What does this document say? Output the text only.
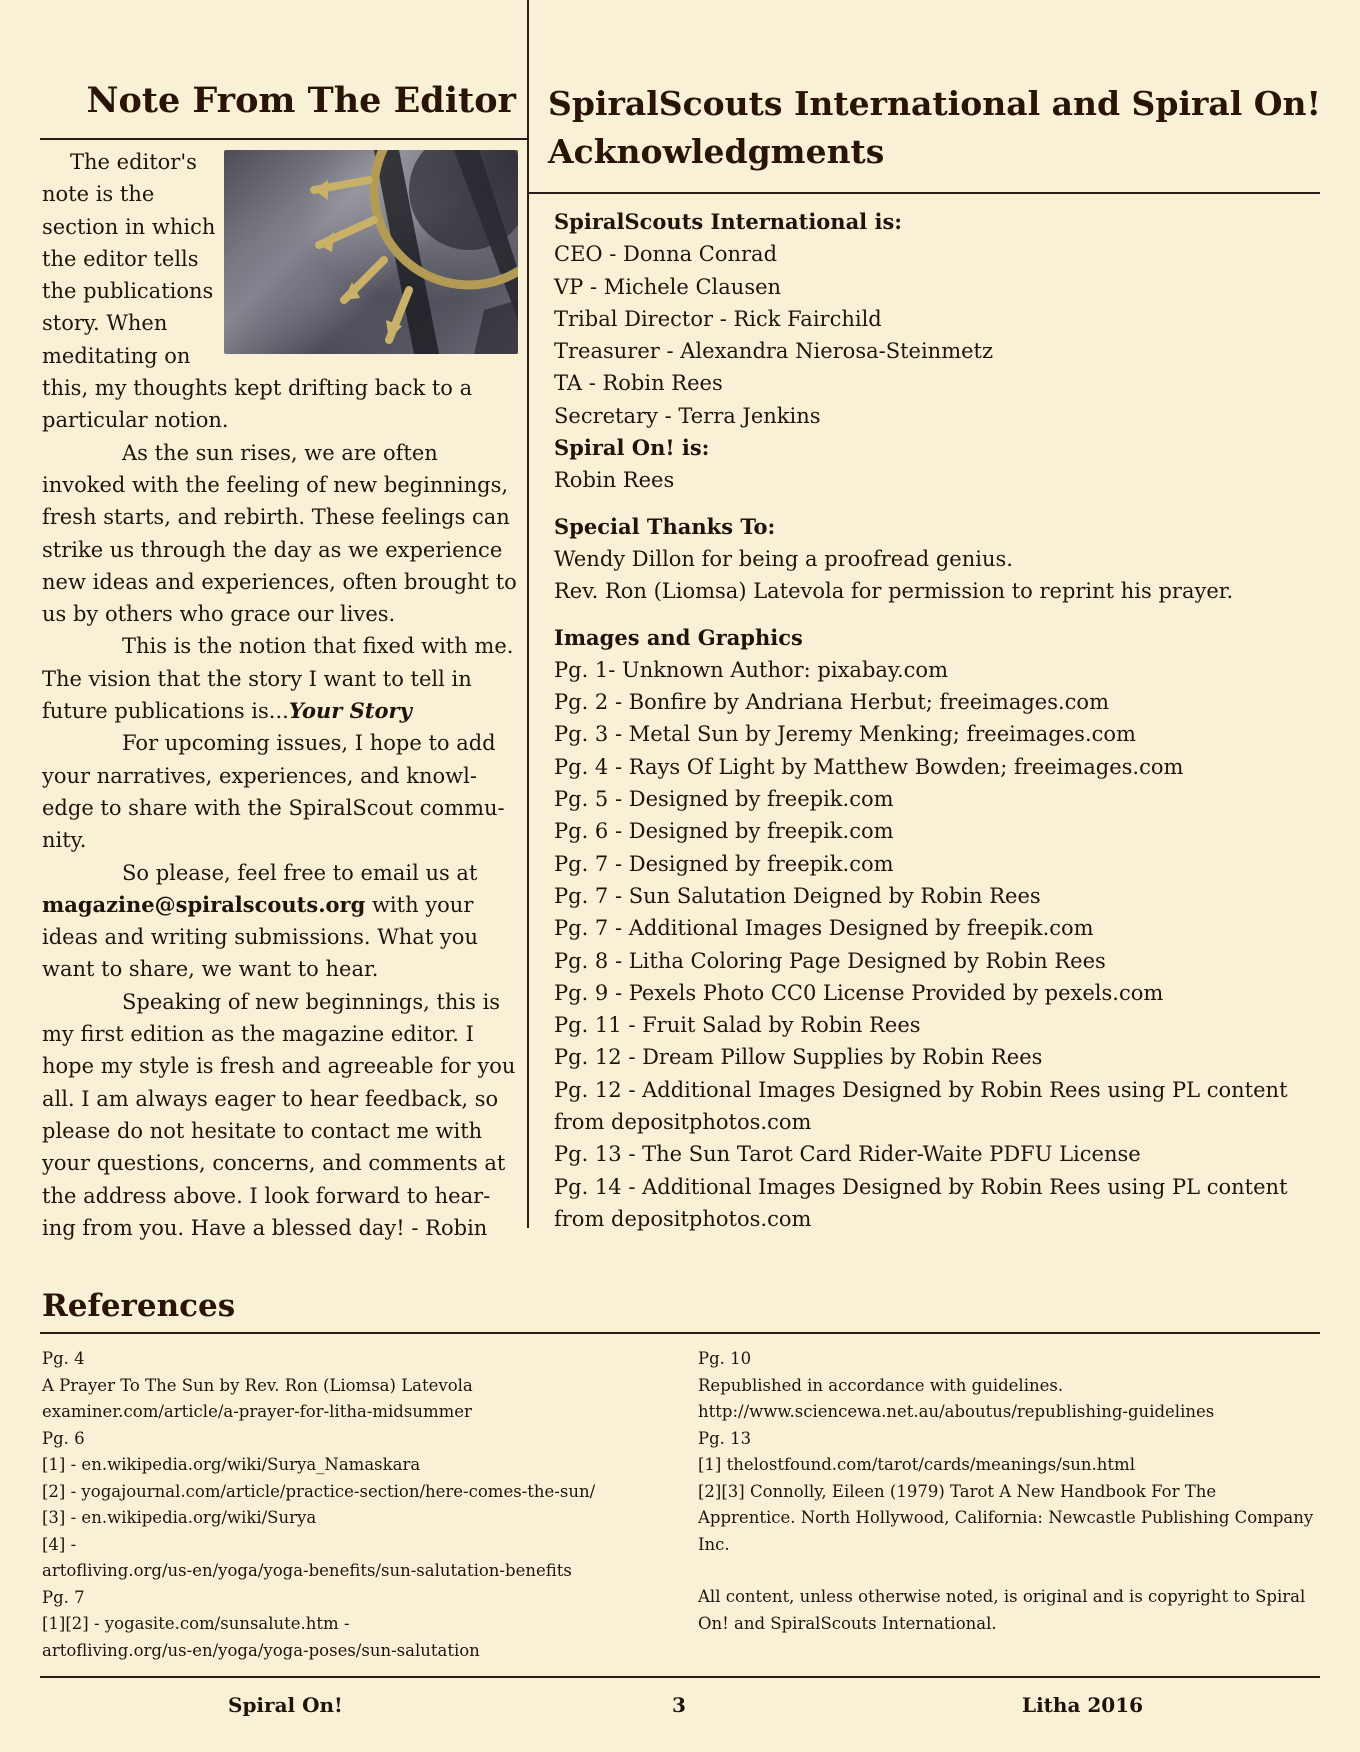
Note From The Editor

The editor's note is the section in which the editor tells the publications story. When meditating on this, my thoughts kept drifting back to a particular notion.

As the sun rises, we are often invoked with the feeling of new beginnings, fresh starts, and rebirth. These feelings can strike us through the day as we experience new ideas and experiences, often brought to us by others who grace our lives.

This is the notion that fixed with me. The vision that the story I want to tell in future publications is...Your Story

For upcoming issues, I hope to add your narratives, experiences, and knowl-edge to share with the SpiralScout commu-nity.

So please, feel free to email us at magazine@spiralscouts.org with your ideas and writing submissions. What you want to share, we want to hear.

Speaking of new beginnings, this is my first edition as the magazine editor. I hope my style is fresh and agreeable for you all. I am always eager to hear feedback, so please do not hesitate to contact me with your questions, concerns, and comments at the address above. I look forward to hear-ing from you. Have a blessed day! - Robin

SpiralScouts International and Spiral On!
Acknowledgments
SpiralScouts International is:
CEO - Donna Conrad
VP - Michele Clausen
Tribal Director - Rick Fairchild
Treasurer - Alexandra Nierosa-Steinmetz
TA - Robin Rees
Secretary - Terra Jenkins
Spiral On! is:
Robin Rees
Special Thanks To:
Wendy Dillon for being a proofread genius.
Rev. Ron (Liomsa) Latevola for permission to reprint his prayer.
Images and Graphics
Pg. 1- Unknown Author: pixabay.com
Pg. 2 - Bonfire by Andriana Herbut; freeimages.com
Pg. 3 - Metal Sun by Jeremy Menking; freeimages.com
Pg. 4 - Rays Of Light by Matthew Bowden; freeimages.com
Pg. 5 - Designed by freepik.com
Pg. 6 - Designed by freepik.com
Pg. 7 - Designed by freepik.com
Pg. 7 - Sun Salutation Deigned by Robin Rees
Pg. 7 - Additional Images Designed by freepik.com
Pg. 8 - Litha Coloring Page Designed by Robin Rees
Pg. 9 - Pexels Photo CC0 License Provided by pexels.com
Pg. 11 - Fruit Salad by Robin Rees
Pg. 12 - Dream Pillow Supplies by Robin Rees
Pg. 12 - Additional Images Designed by Robin Rees using PL content from depositphotos.com
Pg. 13 - The Sun Tarot Card Rider-Waite PDFU License
Pg. 14 - Additional Images Designed by Robin Rees using PL content from depositphotos.com
References
Pg. 4
A Prayer To The Sun by Rev. Ron (Liomsa) Latevola
examiner.com/article/a-prayer-for-litha-midsummer
Pg. 6
[1] - en.wikipedia.org/wiki/Surya_Namaskara
[2] - yogajournal.com/article/practice-section/here-comes-the-sun/
[3] - en.wikipedia.org/wiki/Surya
[4] -
artofliving.org/us-en/yoga/yoga-benefits/sun-salutation-benefits
Pg. 7
[1][2] - yogasite.com/sunsalute.htm -
artofliving.org/us-en/yoga/yoga-poses/sun-salutation
Pg. 10
Republished in accordance with guidelines.
http://www.sciencewa.net.au/aboutus/republishing-guidelines
Pg. 13
[1] thelostfound.com/tarot/cards/meanings/sun.html
[2][3] Connolly, Eileen (1979) Tarot A New Handbook For The Apprentice. North Hollywood, California: Newcastle Publishing Company Inc.
All content, unless otherwise noted, is original and is copyright to Spiral On! and SpiralScouts International.
Spiral On!	3	Litha 2016
